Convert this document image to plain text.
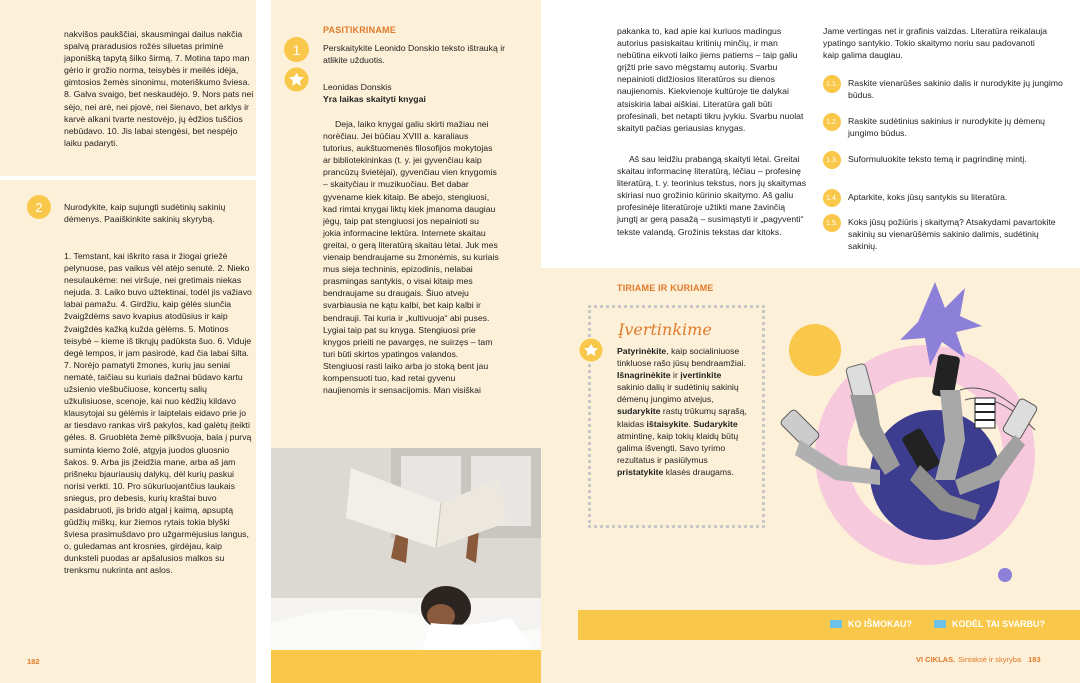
nakvišos paukščiai, skausmingai dailus nakčia spalvą praradusios rožės siluetas priminė japonišką tapytą šilko širmą. 7. Motina tapo man gėrio ir grožio norma, teisybės ir meilės idėja, gimtosios žemės sinonimu, moteriškumo šviesa. 8. Galva svaigo, bet neskaudėjo. 9. Nors pats nei sėjo, nei arė, nei pjovė, nei šienavo, bet arklys ir karvė alkani tvarte nestovėjo, jų ėdžios tuščios nebūdavo. 10. Jis labai stengėsi, bet nespėjo laiku padaryti.
2 Nurodykite, kaip sujungti sudėtinių sakinių dėmenys. Paaiškinkite sakinių skyrybą.
1. Temstant, kai iškrito rasa ir žiogai griežė pelynuose, pas vaikus vėl atėjo senutė. 2. Nieko nesulaukėme: nei viršuje, nei gretimais niekas nejuda. 3. Laiko buvo užtektinai, todėl jis važiavo labai pamažu. 4. Girdžiu, kaip gėlės siunčia žvaigždėms savo kvapius atodūsius ir kaip žvaigždės kažką kužda gėlėms. 5. Motinos teisybė – kieme iš tikrųjų padūksta šuo. 6. Viduje degė lempos, ir jam pasirodė, kad čia labai šilta. 7. Norėjo pamatyti žmones, kurių jau seniai nematė, taičiau su kuriais dažnai būdavo kartu užsienio viešbučiuose, koncertų salių užkulisiuose, scenoje, kai nuo kėdžių kildavo klausytojai su gėlėmis ir laiptelais eidavo prie jo ar tiesdavo rankas virš pakylos, kad galėtų įteikti gėles. 8. Gruoblėta žemė pilkšvuoja, bala į purvą suminta kiemo žolė, atgyja juodos gluosnio šakos. 9. Arba jis įžeidžia mane, arba aš jam prišneku bjauriausių dalykų, dėl kurių paskui norisi verkti. 10. Pro sūkuriuojantčius laukais sniegus, pro debesis, kurių kraštai buvo pasidabruoti, jis brido atgal į kaimą, apsuptą gūdžių miškų, kur žiemos rytais tokia blyški šviesa prasimušdavo pro užgarmėjusius langus, o, guledamas ant krosnies, girdėjau, kaip dunksteli puodas ar apšalusios malkos su trenksmu nukrinta ant aslos.
182
PASITIKRINAME
1	Perskaitykite Leonido Donskio teksto ištrauką ir atlikite užduotis.
Leonidas Donskis
Yra laikas skaityti knygai
Deja, laiko knygai galiu skirti mažiau nei norėčiau. Jei būčiau XVIII a. karaliaus tutorius, aukštuomenės filosofijos mokytojas ar bibliotekininkas (t. y. jei gyvenčiau kaip prancūzų švietėjai), gyvenčiau vien knygomis – skaityčiau ir muzikuočiau. Bet dabar gyvename kiek kitaip. Be abejo, stengiuosi, kad rimtai knygai liktų kiek įmanoma daugiau jėgų, taip pat stengiuosi jos nepainioti su jokia informacine lektūra. Internete skaitau greitai, o gerą literatūrą skaitau lėtai. Juk mes vienaip bendraujame su žmonėmis, su kuriais mus sieja techninis, epizodinis, nelabai prasmingas santykis, o visai kitaip mes bendraujame su draugais. Šiuo atveju svarbiausia ne kątu kalbi, bet kaip kalbi ir bendrauji. Tai kuria ir „kultivuoja“ abi puses. Lygiai taip pat su knyga. Stengiuosi prie knygos prieiti ne pavargęs, ne suirzęs – tam turi būti skirtos ypatingos valandos. Stengiuosi rasti laiko arba jo stoką bent jau kompensuoti tuo, kad retai gyvenu naujienomis ir sensacijomis. Man visiškai
pakanka to, kad apie kai kuriuos madingus autorius pasiskaitau kritinių minčių, ir man nebūtina eikvoti laiko jiems patiems – taip galiu grįžti prie savo mėgstamų autorių. Svarbu nepainioti didžiosios literatūros su dienos naujienomis. Kiekvienoje kultūroje tie dalykai atsiskiria labai aiškiai. Literatūra gali būti profesinali, bet netapti tikru jvykiu. Svarbu nuolat skaityti pačias geriausias knygas.
Aš sau leidžiu prabangą skaityti lėtai. Greitai skaitau informacinę literatūrą, lėčiau – profesinę literatūrą, t. y. teorinius tekstus, nors jų skaitymas skiriasi nuo grožinio kūrinio skaitymo. Aš galiu profesinėje literatūroje užtikti mane žavinčią jungtį ar gerą pasažą – susimąstyti ir „pagyventi“ tekste valandą. Grožinis tekstas dar kitoks.
Jame vertingas net ir grafinis vaizdas. Literatūra reikalauja ypatingo santykio. Tokio skaitymo noriu sau padovanoti kaip galima daugiau.
1.1.	Raskite vienarūšes sakinio dalis ir nurodykite jų jungimo būdus.
1.2.	Raskite sudėtinius sakinius ir nurodykite jų dėmenų jungimo būdus.
1.3.	Suformuluokite teksto temą ir pagrindinę mintį.
1.4.	Aptarkite, koks jūsų santykis su literatūra.
1.5.	Koks jūsų požiūris į skaitymą? Atsakydami pavartokite sakinių su vienarūšėmis sakinio dalimis, sudėtinių sakinių.
TIRIAME IR KURIAME
Įvertinkime
Patyrinėkite, kaip socialiniuose tinkluose rašo jūsų bendraamžiai. Išnagrinėkite ir įvertinkite sakinio dalių ir sudėtinių sakinių dėmenų jungimo atvejus, sudarykite rastų trūkumų sąrašą, klaidas ištaisykite. Sudarykite atmintinę, kaip tokių klaidų būtų galima išvengti. Savo tyrimo rezultatus ir pasiūlymus pristatykite klasės draugams.
KO IŠMOKAU?	KODĖL TAI SVARBU?
VI CIKLAS. Sintaksė ir skyryba 183
